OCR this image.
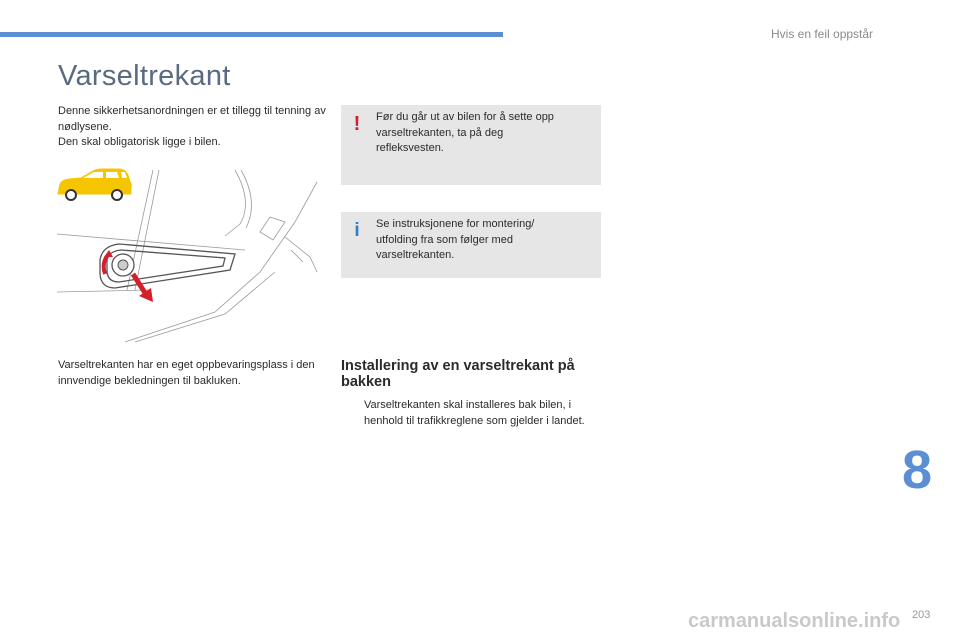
Hvis en feil oppstår
Varseltrekant

Denne sikkerhetsanordningen er et tillegg til tenning av nødlysene.

Den skal obligatorisk ligge i bilen.

Varseltrekanten har en eget oppbevaringsplass i den innvendige bekledningen til bakluken.
! Før du går ut av bilen for å sette opp varseltrekanten, ta på deg refleksvesten.
i Se instruksjonene for montering/ utfolding fra som følger med varseltrekanten.
Installering av en varseltrekant på bakken
Varseltrekanten skal installeres bak bilen, i henhold til trafikkreglene som gjelder i landet.
8
203
carmanualsonline.info
